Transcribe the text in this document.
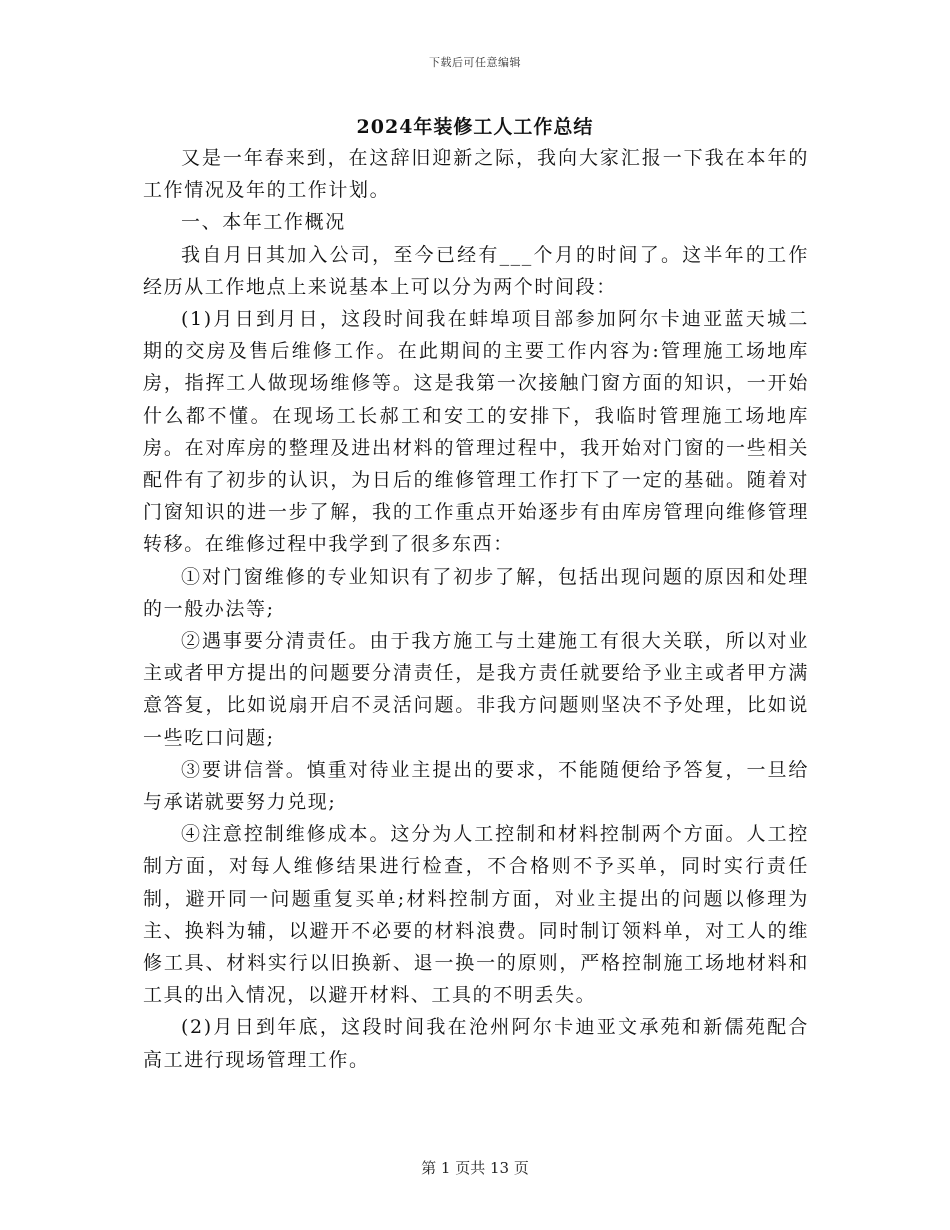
下载后可任意编辑
2024年装修工人工作总结

又是一年春来到，在这辞旧迎新之际，我向大家汇报一下我在本年的工作情况及年的工作计划。

一、本年工作概况

我自月日其加入公司，至今已经有___个月的时间了。这半年的工作经历从工作地点上来说基本上可以分为两个时间段：

(1)月日到月日，这段时间我在蚌埠项目部参加阿尔卡迪亚蓝天城二期的交房及售后维修工作。在此期间的主要工作内容为:管理施工场地库房，指挥工人做现场维修等。这是我第一次接触门窗方面的知识，一开始什么都不懂。在现场工长郝工和安工的安排下，我临时管理施工场地库房。在对库房的整理及进出材料的管理过程中，我开始对门窗的一些相关配件有了初步的认识，为日后的维修管理工作打下了一定的基础。随着对门窗知识的进一步了解，我的工作重点开始逐步有由库房管理向维修管理转移。在维修过程中我学到了很多东西：

①对门窗维修的专业知识有了初步了解，包括出现问题的原因和处理的一般办法等;

②遇事要分清责任。由于我方施工与土建施工有很大关联，所以对业主或者甲方提出的问题要分清责任，是我方责任就要给予业主或者甲方满意答复，比如说扇开启不灵活问题。非我方问题则坚决不予处理，比如说一些吃口问题;

③要讲信誉。慎重对待业主提出的要求，不能随便给予答复，一旦给与承诺就要努力兑现;

④注意控制维修成本。这分为人工控制和材料控制两个方面。人工控制方面，对每人维修结果进行检查，不合格则不予买单，同时实行责任制，避开同一问题重复买单;材料控制方面，对业主提出的问题以修理为主、换料为辅，以避开不必要的材料浪费。同时制订领料单，对工人的维修工具、材料实行以旧换新、退一换一的原则，严格控制施工场地材料和工具的出入情况，以避开材料、工具的不明丢失。

(2)月日到年底，这段时间我在沧州阿尔卡迪亚文承苑和新儒苑配合高工进行现场管理工作。

第 1 页共 13 页
